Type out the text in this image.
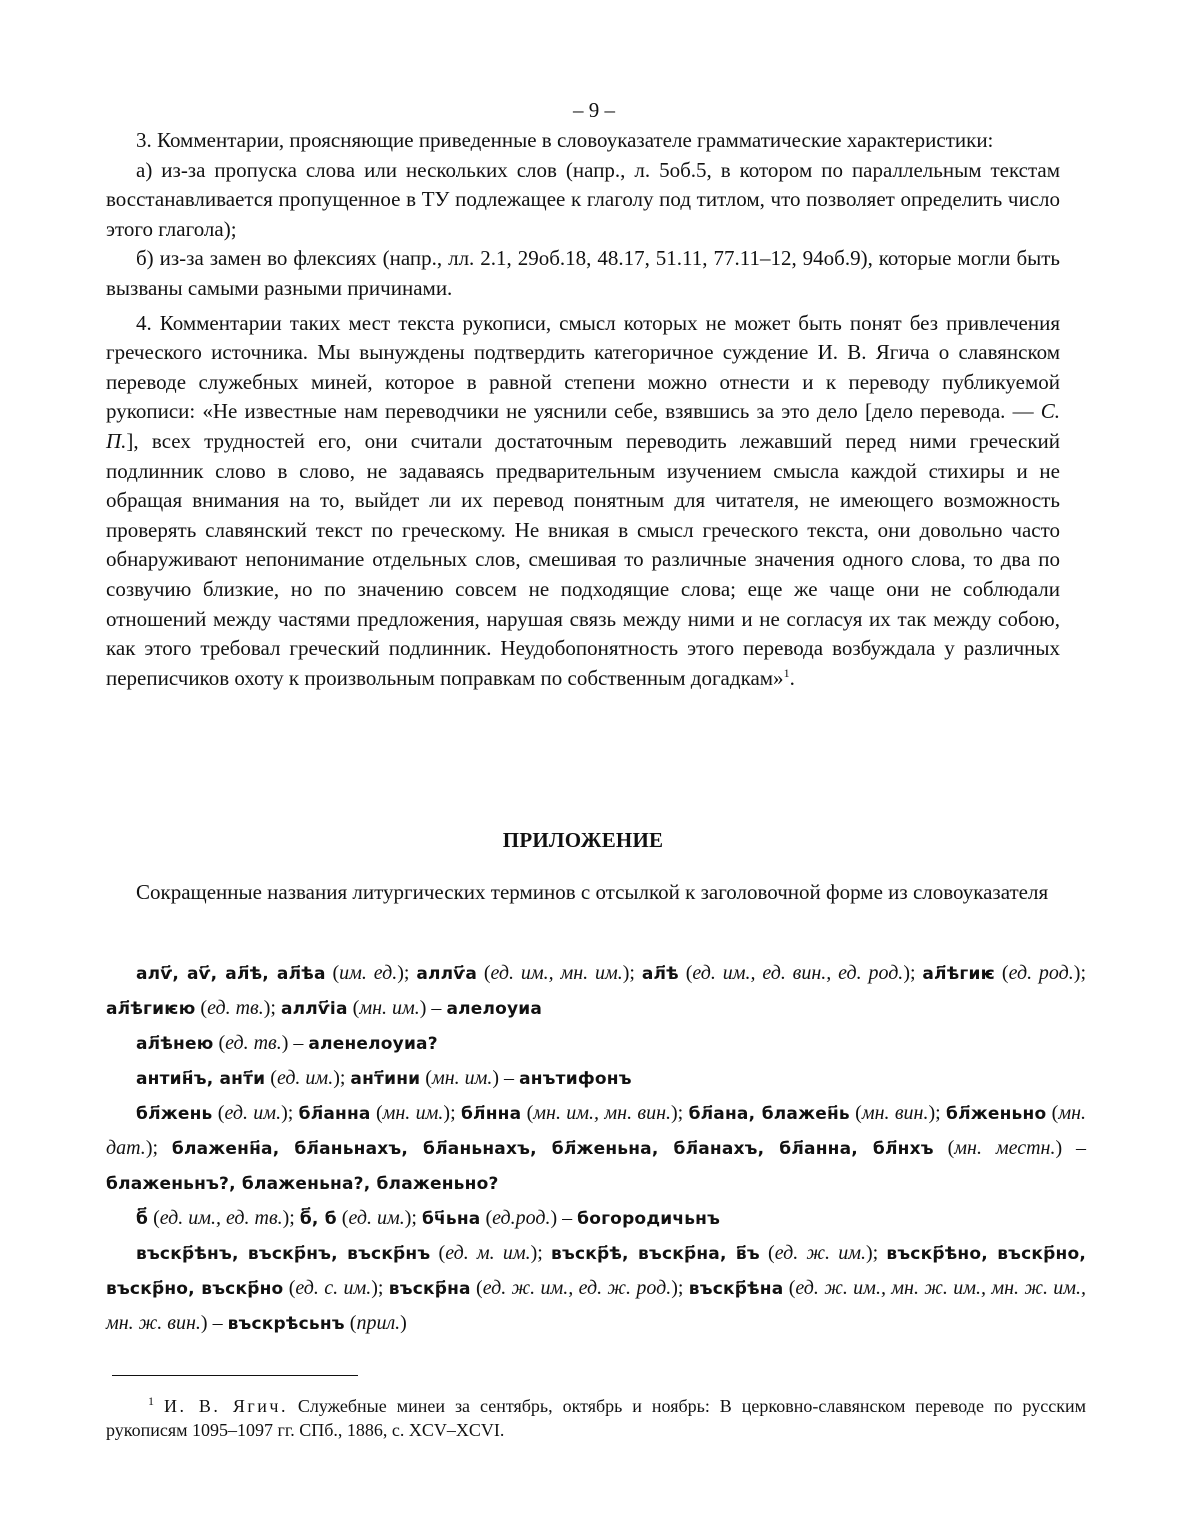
– 9 –

3. Комментарии, проясняющие приведенные в словоуказателе грамматические характеристики:

а) из-за пропуска слова или нескольких слов (напр., л. 5об.5, в котором по параллельным текстам восстанавливается пропущенное в ТУ подлежащее к глаголу под титлом, что позволяет определить число этого глагола);

б) из-за замен во флексиях (напр., лл. 2.1, 29об.18, 48.17, 51.11, 77.11–12, 94об.9), которые могли быть вызваны самыми разными причинами.

4. Комментарии таких мест текста рукописи, смысл которых не может быть понят без привлечения греческого источника. Мы вынуждены подтвердить категоричное суждение И. В. Ягича о славянском переводе служебных миней, которое в равной степени можно отнести и к переводу публикуемой рукописи: «Не известные нам переводчики не уяснили себе, взявшись за это дело [дело перевода. — С. П.], всех трудностей его, они считали достаточным переводить лежавший перед ними греческий подлинник слово в слово, не задаваясь предварительным изучением смысла каждой стихиры и не обращая внимания на то, выйдет ли их перевод понятным для читателя, не имеющего возможность проверять славянский текст по греческому. Не вникая в смысл греческого текста, они довольно часто обнаруживают непонимание отдельных слов, смешивая то различные значения одного слова, то два по созвучию близкие, но по значению совсем не подходящие слова; еще же чаще они не соблюдали отношений между частями предложения, нарушая связь между ними и не согласуя их так между собою, как этого требовал греческий подлинник. Неудобопонятность этого перевода возбуждала у различных переписчиков охоту к произвольным поправкам по собственным догадкам»$^1$.

ПРИЛОЖЕНИЕ

Сокращенные названия литургических терминов с отсылкой к заголовочной форме из словоуказателя

алѵ҃, аѵ҃, ал҃ѣ, ал҃ѣа (им. ед.); аллѵ҃а (ед. им., мн. им.); ал҃ѣ (ед. им., ед. вин., ед. род.); ал҃ѣгиѥ (ед. род.); ал҃ѣгиѥю (ед. тв.); аллѵ҃іа (мн. им.) – алелоуиа

ал҃ѣнею (ед. тв.) – аленелоуиа?

антин҃ъ, ант҃и (ед. им.); ант҃ини (мн. им.) – анътифонъ

бл҃жень (ед. им.); бл҃анна (мн. им.); бл҃нна (мн. им., мн. вин.); бл҃ана, блажен҃ь (мн. вин.); бл҃женьно (мн. дат.); блаженн҃а, бл҃аньнахъ, бл҃аньнахъ, бл҃женьна, бл҃анахъ, бл҃анна, бл҃нхъ (мн. местн.) – блаженьнъ?, блаженьна?, блаженьно?

б҃ (ед. им., ед. тв.); б҃, б (ед. им.); бч҃ьна (ед.род.) – богородичьнъ

въскр҃ѣнъ, въскр҃нъ, въскр҃нъ (ед. м. им.); въскр҃ѣ, въскр҃на, в҃ъ (ед. ж. им.); въскр҃ѣно, въскр҃но, въскр҃но, въскр҃но (ед. с. им.); въскр҃на (ед. ж. им., ед. ж. род.); въскр҃ѣна (ед. ж. им., мн. ж. им., мн. ж. им., мн. ж. вин.) – въскрѣсьнъ (прил.)

$^1$ И. В. Ягич. Служебные минеи за сентябрь, октябрь и ноябрь: В церковно-славянском переводе по русским рукописям 1095–1097 гг. СПб., 1886, с. XCV–XCVI.
